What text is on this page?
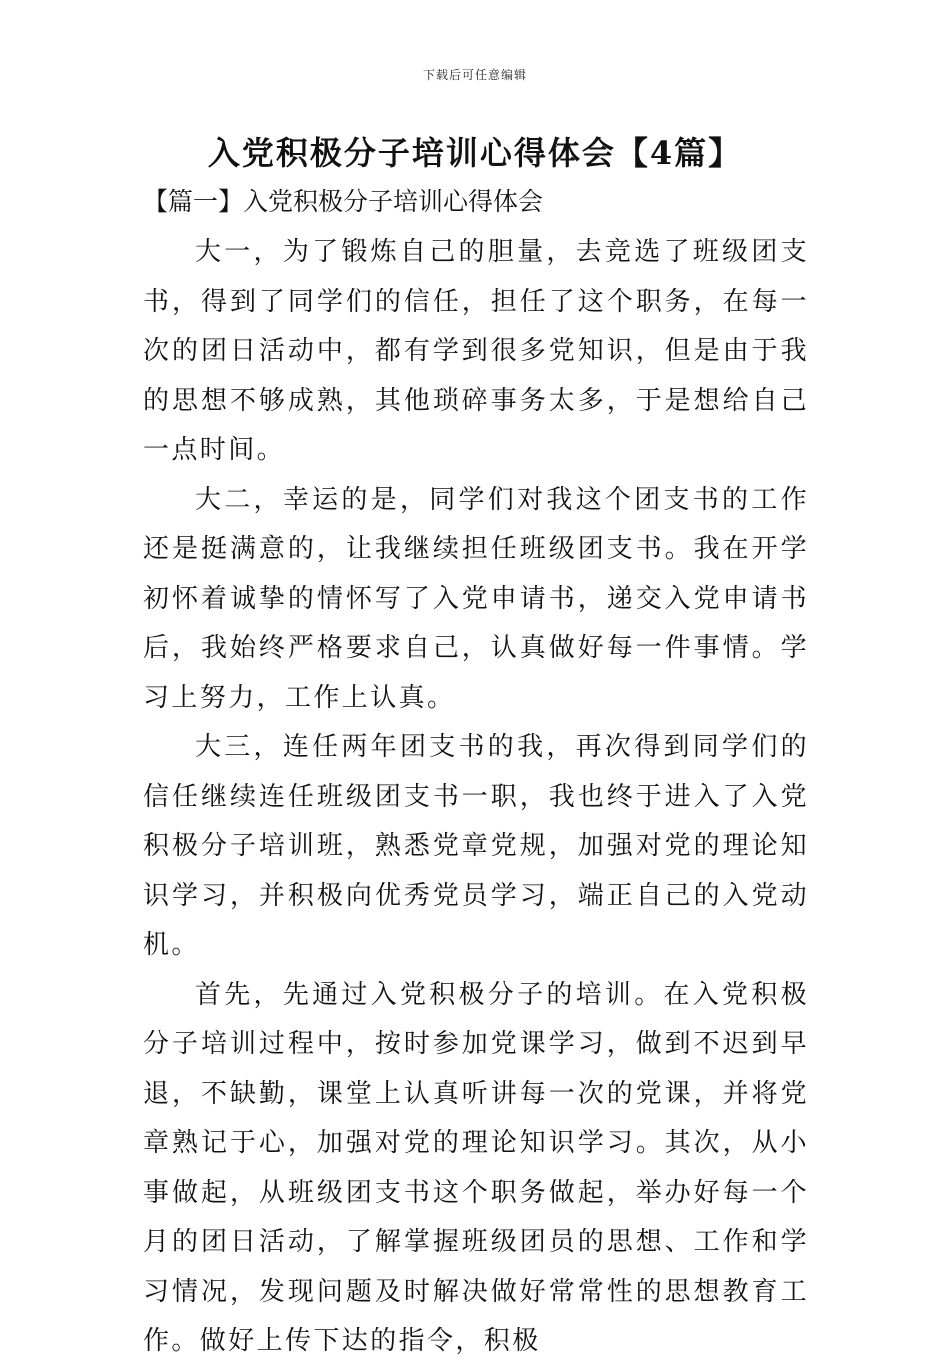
下载后可任意编辑
入党积极分子培训心得体会【4篇】
【篇一】入党积极分子培训心得体会

大一，为了锻炼自己的胆量，去竞选了班级团支书，得到了同学们的信任，担任了这个职务，在每一次的团日活动中，都有学到很多党知识，但是由于我的思想不够成熟，其他琐碎事务太多，于是想给自己一点时间。

大二，幸运的是，同学们对我这个团支书的工作还是挺满意的，让我继续担任班级团支书。我在开学初怀着诚挚的情怀写了入党申请书，递交入党申请书后，我始终严格要求自己，认真做好每一件事情。学习上努力，工作上认真。

大三，连任两年团支书的我，再次得到同学们的信任继续连任班级团支书一职，我也终于进入了入党积极分子培训班，熟悉党章党规，加强对党的理论知识学习，并积极向优秀党员学习，端正自己的入党动机。

首先，先通过入党积极分子的培训。在入党积极分子培训过程中，按时参加党课学习，做到不迟到早退，不缺勤，课堂上认真听讲每一次的党课，并将党章熟记于心，加强对党的理论知识学习。其次，从小事做起，从班级团支书这个职务做起，举办好每一个月的团日活动，了解掌握班级团员的思想、工作和学习情况，发现问题及时解决做好常常性的思想教育工作。做好上传下达的指令，积极
